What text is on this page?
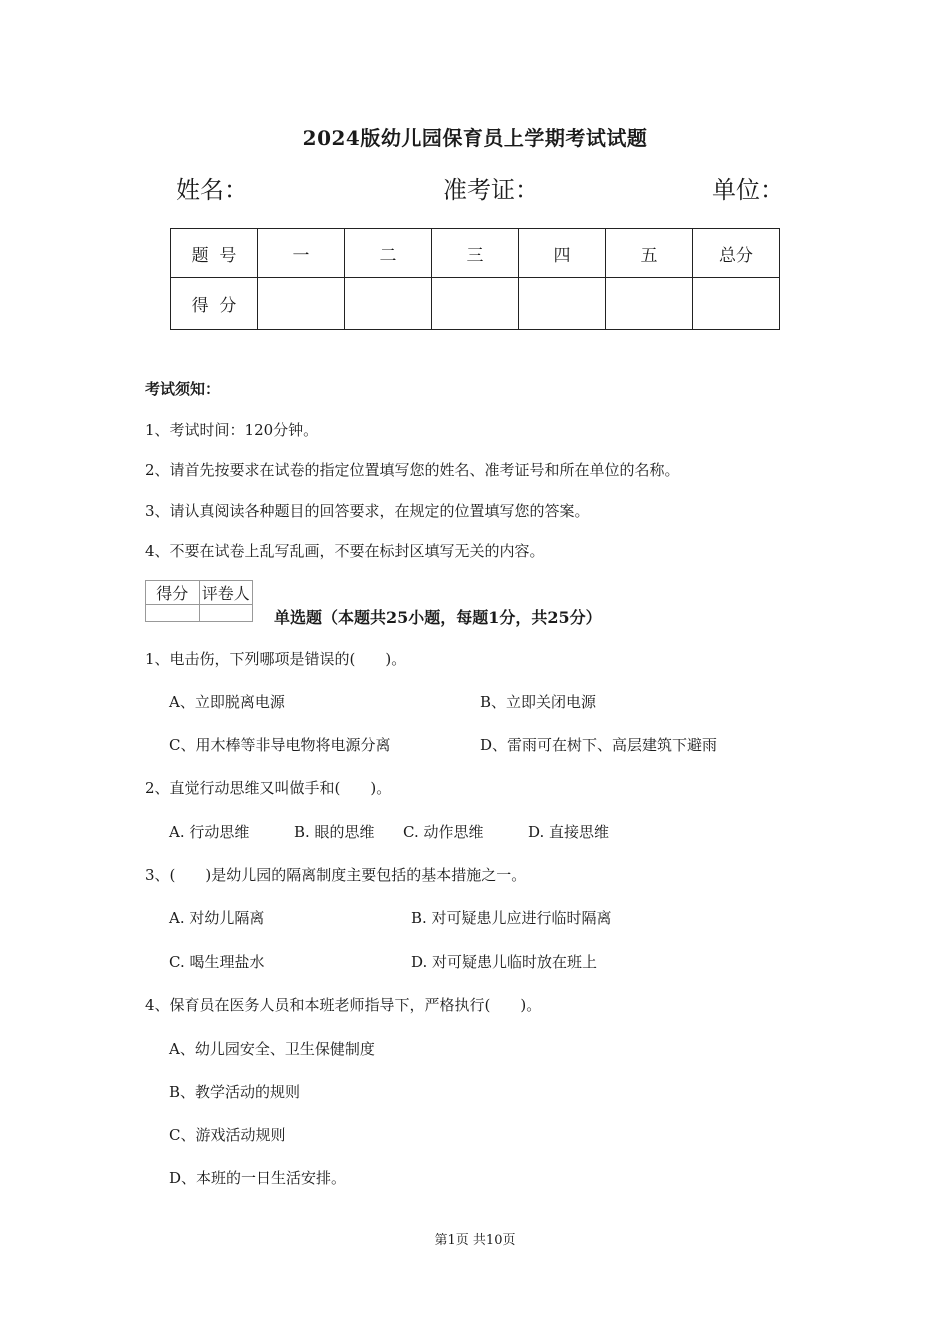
2024版幼儿园保育员上学期考试试题
姓名：	准考证：	单位：
题  号	一	二	三	四	五	总分
得  分						
考试须知：
1、考试时间：120分钟。
2、请首先按要求在试卷的指定位置填写您的姓名、准考证号和所在单位的名称。
3、请认真阅读各种题目的回答要求，在规定的位置填写您的答案。
4、不要在试卷上乱写乱画，不要在标封区填写无关的内容。
得分	评卷人

单选题（本题共25小题，每题1分，共25分）
1、电击伤，下列哪项是错误的(　　)。
A、立即脱离电源	B、立即关闭电源
C、用木棒等非导电物将电源分离	D、雷雨可在树下、高层建筑下避雨
2、直觉行动思维又叫做手和(　　)。
A. 行动思维	B. 眼的思维 C. 动作思维	D. 直接思维
3、(　　)是幼儿园的隔离制度主要包括的基本措施之一。
A. 对幼儿隔离	B. 对可疑患儿应进行临时隔离
C. 喝生理盐水	D. 对可疑患儿临时放在班上
4、保育员在医务人员和本班老师指导下，严格执行(　　)。
A、幼儿园安全、卫生保健制度
B、教学活动的规则
C、游戏活动规则
D、本班的一日生活安排。
第1页 共10页
